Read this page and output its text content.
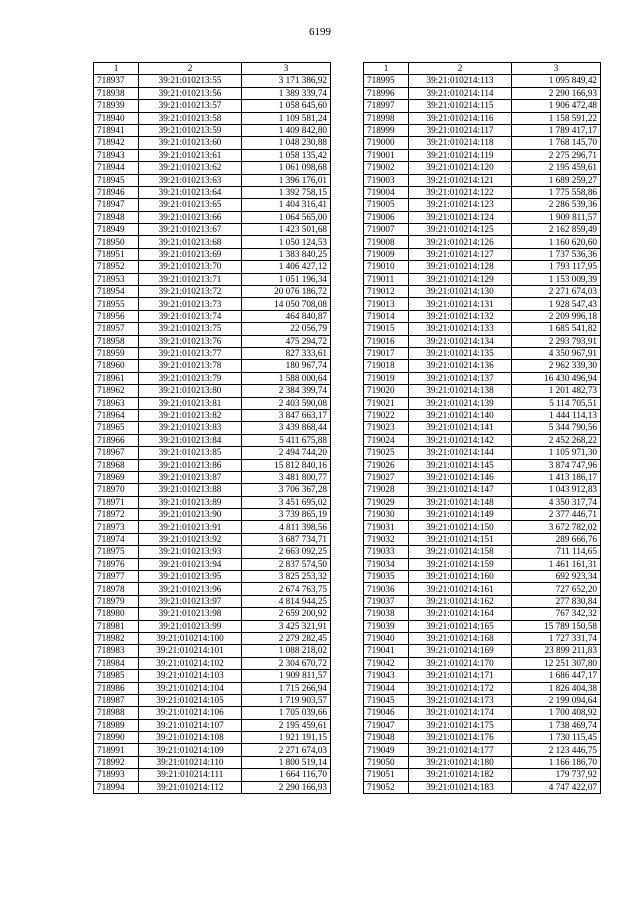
6199
1	2	3
718937	39:21:010213:55	3 171 386,92
718938	39:21:010213:56	1 389 339,74
718939	39:21:010213:57	1 058 645,60
718940	39:21:010213:58	1 109 581,24
718941	39:21:010213:59	1 409 842,80
718942	39:21:010213:60	1 048 230,88
718943	39:21:010213:61	1 058 135,42
718944	39:21:010213:62	1 061 098,68
718945	39:21:010213:63	1 396 176,01
718946	39:21:010213:64	1 392 758,15
718947	39:21:010213:65	1 404 316,41
718948	39:21:010213:66	1 064 565,00
718949	39:21:010213:67	1 423 501,68
718950	39:21:010213:68	1 050 124,53
718951	39:21:010213:69	1 383 840,25
718952	39:21:010213:70	1 406 427,12
718953	39:21:010213:71	1 051 196,34
718954	39:21:010213:72	20 076 186,72
718955	39:21:010213:73	14 050 708,08
718956	39:21:010213:74	464 840,87
718957	39:21:010213:75	22 056,79
718958	39:21:010213:76	475 294,72
718959	39:21:010213:77	827 333,61
718960	39:21:010213:78	180 967,74
718961	39:21:010213:79	1 588 000,64
718962	39:21:010213:80	2 384 399,74
718963	39:21:010213:81	2 403 590,08
718964	39:21:010213:82	3 847 663,17
718965	39:21:010213:83	3 439 868,44
718966	39:21:010213:84	5 411 675,88
718967	39:21:010213:85	2 494 744,20
718968	39:21:010213:86	15 812 840,16
718969	39:21:010213:87	3 481 800,77
718970	39:21:010213:88	3 706 367,28
718971	39:21:010213:89	3 451 695,02
718972	39:21:010213:90	3 739 865,19
718973	39:21:010213:91	4 811 398,56
718974	39:21:010213:92	3 687 734,71
718975	39:21:010213:93	2 663 092,25
718976	39:21:010213:94	2 837 574,50
718977	39:21:010213:95	3 825 253,32
718978	39:21:010213:96	2 674 763,75
718979	39:21:010213:97	4 814 944,25
718980	39:21:010213:98	2 659 200,92
718981	39:21:010213:99	3 425 321,91
718982	39:21:010214:100	2 279 282,45
718983	39:21:010214:101	1 088 218,02
718984	39:21:010214:102	2 304 670,72
718985	39:21:010214:103	1 909 811,57
718986	39:21:010214:104	1 715 266,94
718987	39:21:010214:105	1 719 903,57
718988	39:21:010214:106	1 705 039,66
718989	39:21:010214:107	2 195 459,61
718990	39:21:010214:108	1 921 191,15
718991	39:21:010214:109	2 271 674,03
718992	39:21:010214:110	1 800 519,14
718993	39:21:010214:111	1 664 116,70
718994	39:21:010214:112	2 290 166,93
1	2	3
718995	39:21:010214:113	1 095 849,42
718996	39:21:010214:114	2 290 166,93
718997	39:21:010214:115	1 906 472,48
718998	39:21:010214:116	1 158 591,22
718999	39:21:010214:117	1 789 417,17
719000	39:21:010214:118	1 768 145,70
719001	39:21:010214:119	2 275 296,71
719002	39:21:010214:120	2 195 459,61
719003	39:21:010214:121	1 689 259,27
719004	39:21:010214:122	1 775 558,86
719005	39:21:010214:123	2 286 539,36
719006	39:21:010214:124	1 909 811,57
719007	39:21:010214:125	2 162 859,49
719008	39:21:010214:126	1 160 620,60
719009	39:21:010214:127	1 737 536,36
719010	39:21:010214:128	1 793 117,95
719011	39:21:010214:129	1 153 009,39
719012	39:21:010214:130	2 271 674,03
719013	39:21:010214:131	1 928 547,43
719014	39:21:010214:132	2 209 996,18
719015	39:21:010214:133	1 685 541,82
719016	39:21:010214:134	2 293 793,91
719017	39:21:010214:135	4 350 967,91
719018	39:21:010214:136	2 962 339,30
719019	39:21:010214:137	16 430 496,94
719020	39:21:010214:138	1 201 482,73
719021	39:21:010214:139	5 114 705,51
719022	39:21:010214:140	1 444 114,13
719023	39:21:010214:141	5 344 790,56
719024	39:21:010214:142	2 452 268,22
719025	39:21:010214:144	1 105 971,30
719026	39:21:010214:145	3 874 747,96
719027	39:21:010214:146	1 413 186,17
719028	39:21:010214:147	1 043 912,83
719029	39:21:010214:148	4 350 317,74
719030	39:21:010214:149	2 377 446,71
719031	39:21:010214:150	3 672 782,02
719032	39:21:010214:151	289 666,76
719033	39:21:010214:158	711 114,65
719034	39:21:010214:159	1 461 161,31
719035	39:21:010214:160	692 923,34
719036	39:21:010214:161	727 652,20
719037	39:21:010214:162	277 830,84
719038	39:21:010214:164	767 342,32
719039	39:21:010214:165	15 789 150,58
719040	39:21:010214:168	1 727 331,74
719041	39:21:010214:169	23 899 211,83
719042	39:21:010214:170	12 251 307,80
719043	39:21:010214:171	1 686 447,17
719044	39:21:010214:172	1 826 404,38
719045	39:21:010214:173	2 199 094,64
719046	39:21:010214:174	1 700 408,92
719047	39:21:010214:175	1 738 469,74
719048	39:21:010214:176	1 730 115,45
719049	39:21:010214:177	2 123 446,75
719050	39:21:010214:180	1 166 186,70
719051	39:21:010214:182	179 737,92
719052	39:21:010214:183	4 747 422,07
